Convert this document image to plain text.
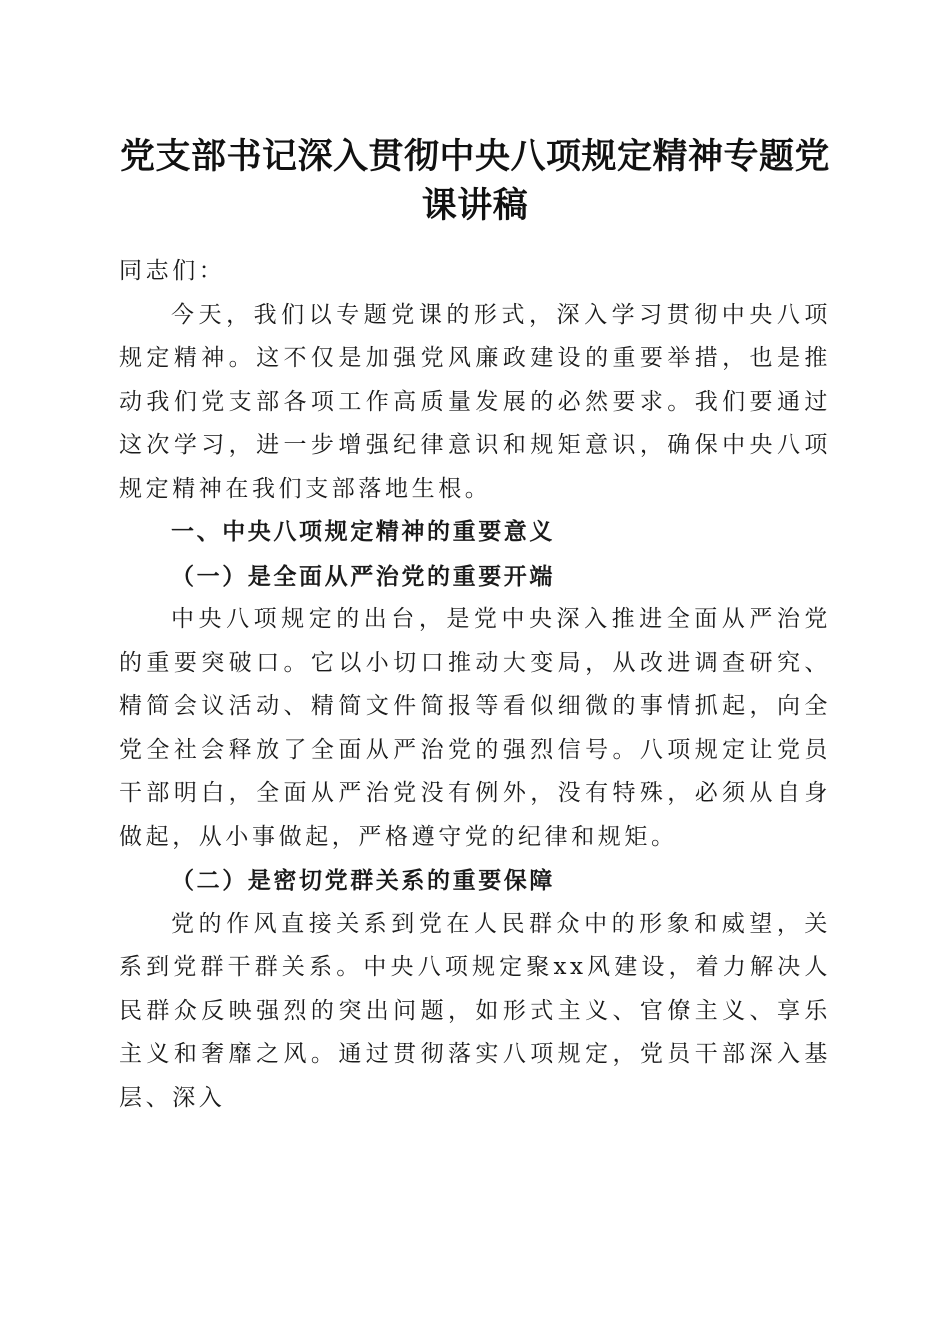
党支部书记深入贯彻中央八项规定精神专题党
课讲稿

同志们：

今天，我们以专题党课的形式，深入学习贯彻中央八项规定精神。这不仅是加强党风廉政建设的重要举措，也是推动我们党支部各项工作高质量发展的必然要求。我们要通过这次学习，进一步增强纪律意识和规矩意识，确保中央八项规定精神在我们支部落地生根。

一、中央八项规定精神的重要意义

（一）是全面从严治党的重要开端

中央八项规定的出台，是党中央深入推进全面从严治党的重要突破口。它以小切口推动大变局，从改进调查研究、精简会议活动、精简文件简报等看似细微的事情抓起，向全党全社会释放了全面从严治党的强烈信号。八项规定让党员干部明白，全面从严治党没有例外，没有特殊，必须从自身做起，从小事做起，严格遵守党的纪律和规矩。

（二）是密切党群关系的重要保障

党的作风直接关系到党在人民群众中的形象和威望，关系到党群干群关系。中央八项规定聚xx风建设，着力解决人民群众反映强烈的突出问题，如形式主义、官僚主义、享乐主义和奢靡之风。通过贯彻落实八项规定，党员干部深入基层、深入
